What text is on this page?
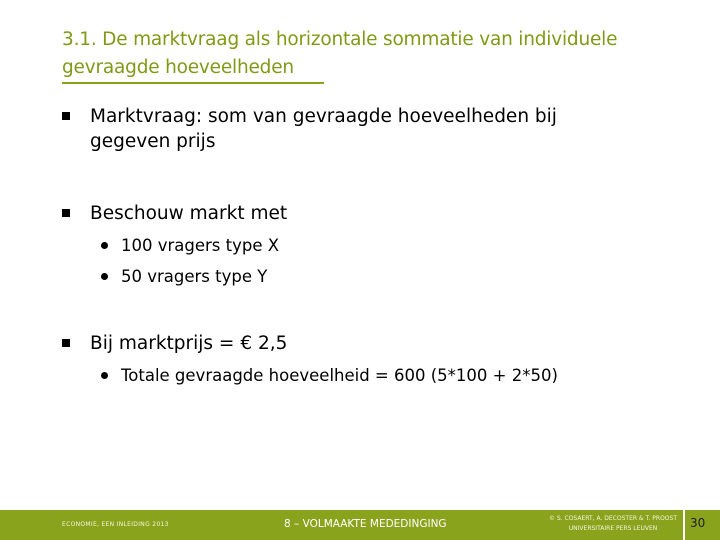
3.1. De marktvraag als horizontale sommatie van individuele gevraagde hoeveelheden
Marktvraag: som van gevraagde hoeveelheden bij gegeven prijs
Beschouw markt met
100 vragers type X
50 vragers type Y
Bij marktprijs = € 2,5
Totale gevraagde hoeveelheid = 600 (5*100 + 2*50)
ECONOMIE, EEN INLEIDING 2013	8 – VOLMAAKTE MEDEDINGING	© S. COSAERT, A. DECOSTER & T. PROOST
UNIVERSITAIRE PERS LEUVEN	30
